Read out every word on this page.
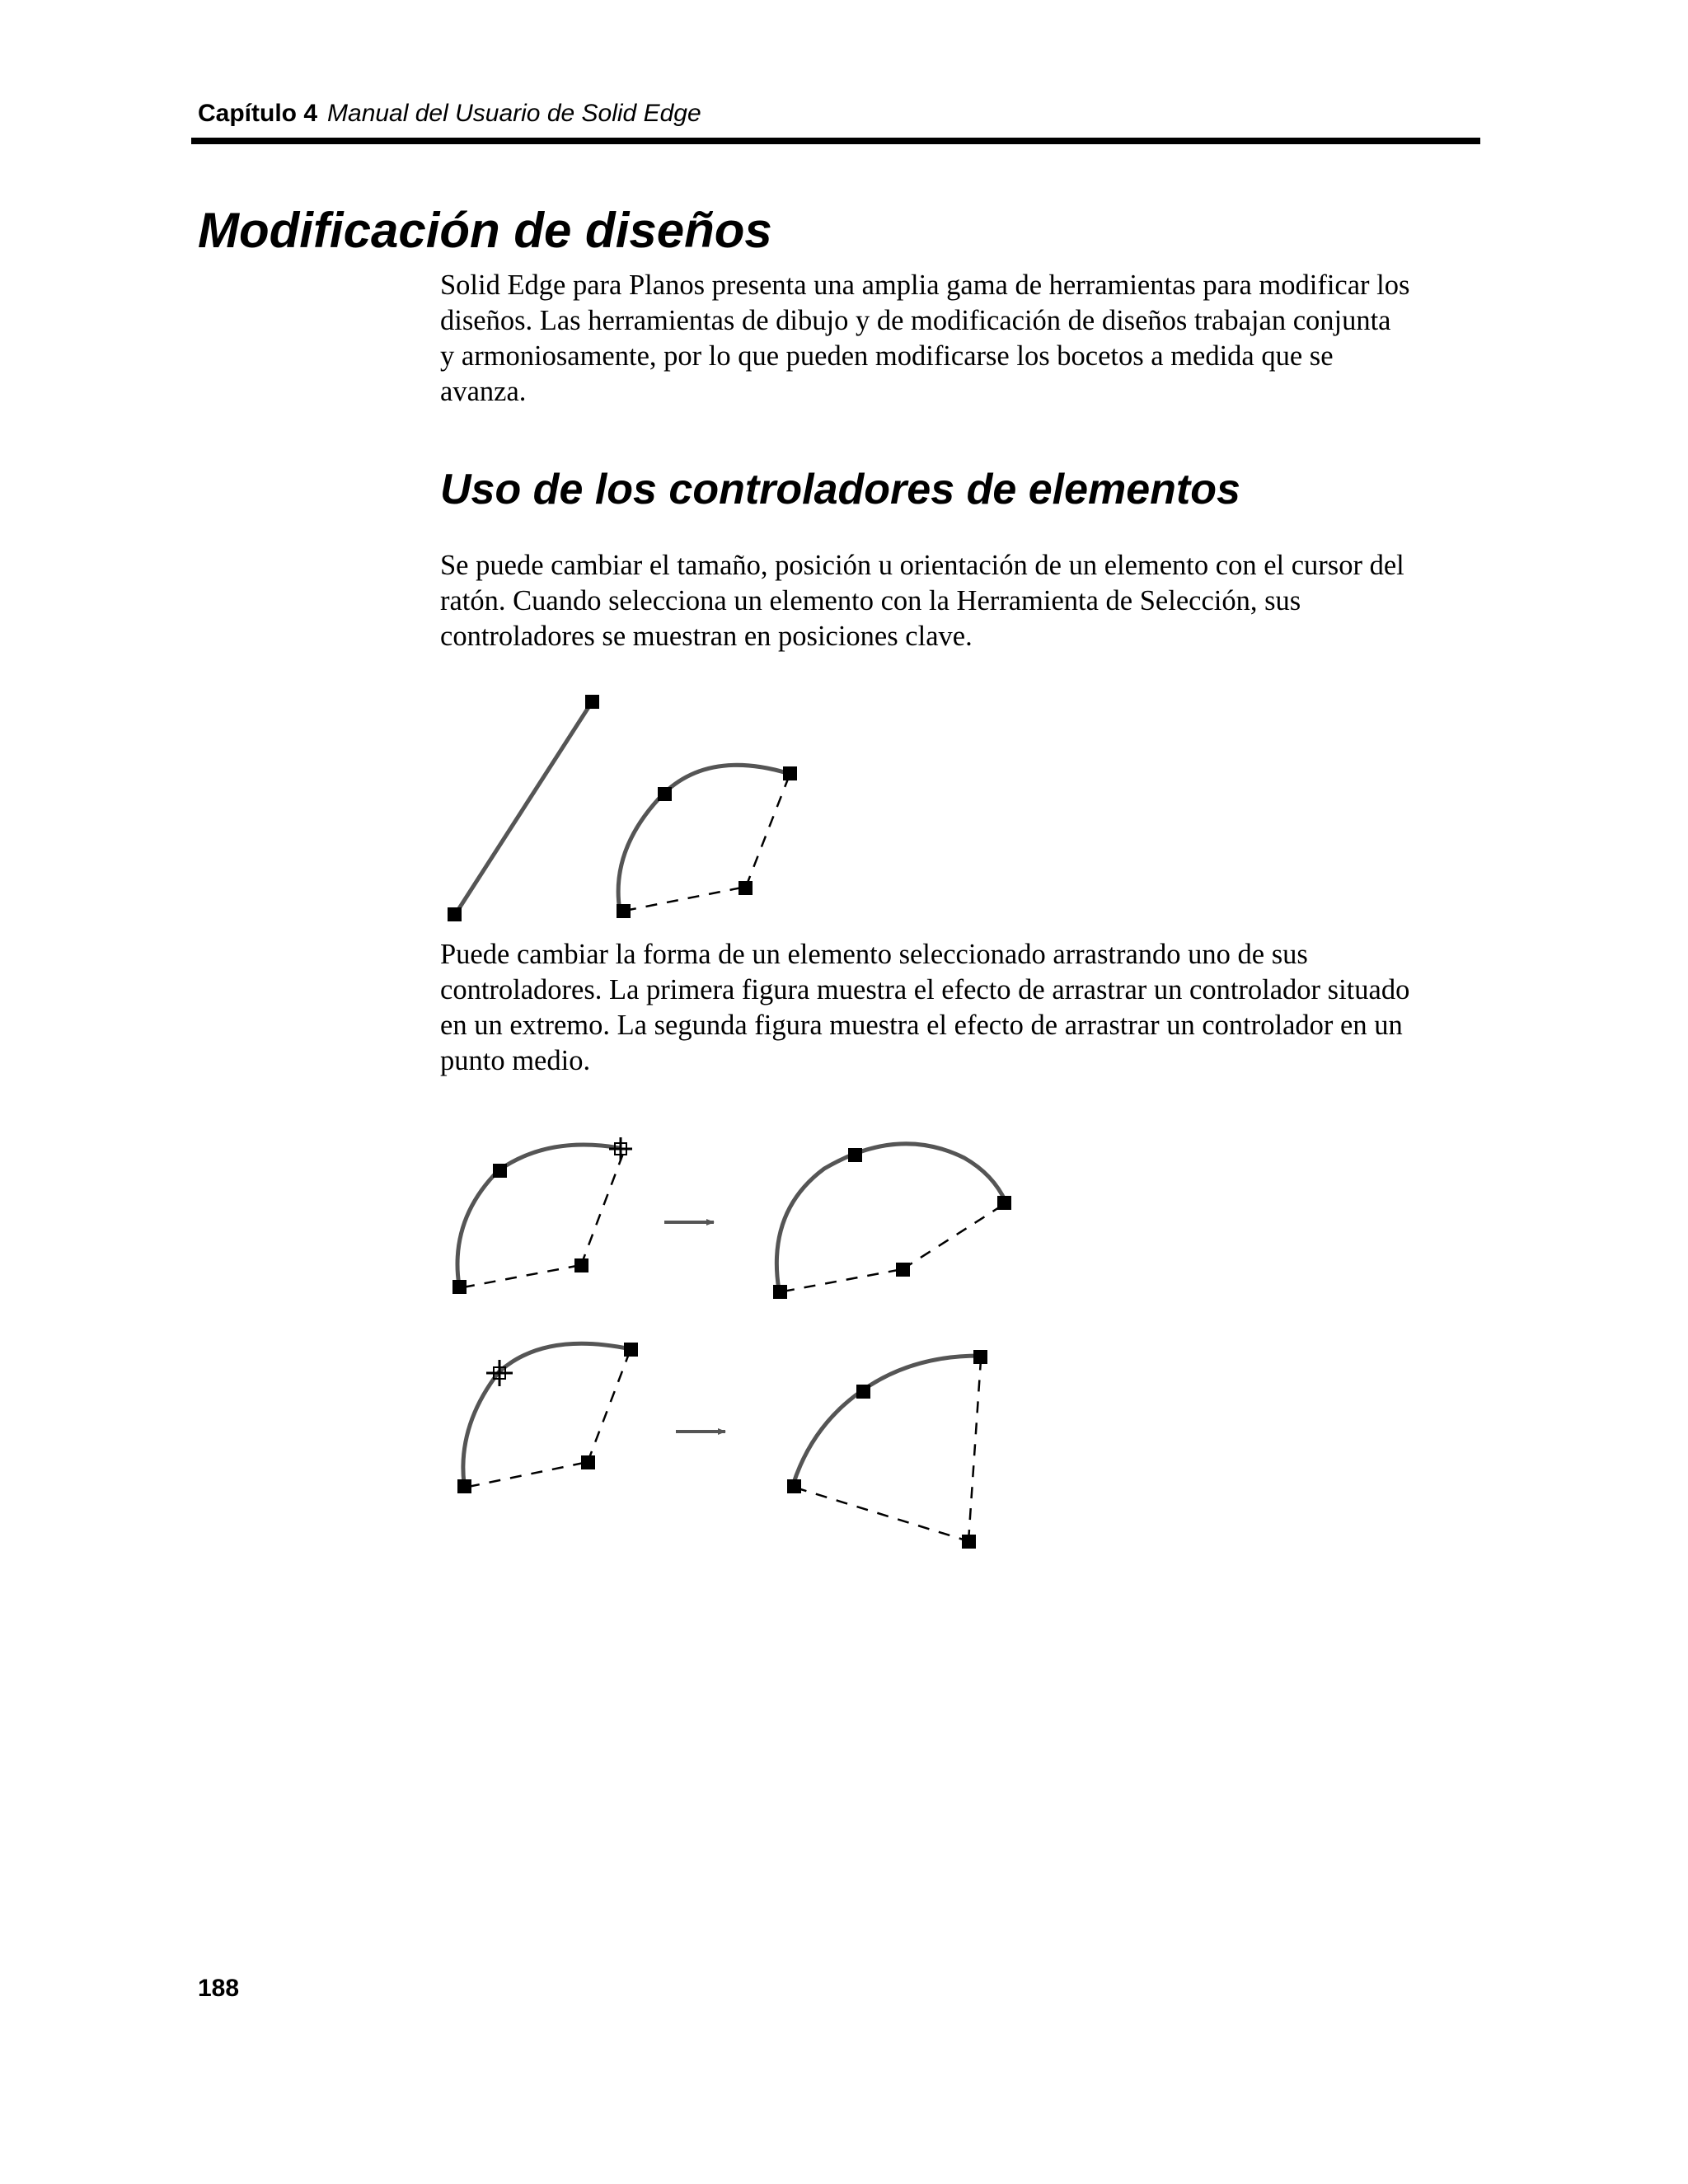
Capítulo 4 Manual del Usuario de Solid Edge
Modificación de diseños

Solid Edge para Planos presenta una amplia gama de herramientas para modificar los
diseños. Las herramientas de dibujo y de modificación de diseños trabajan conjunta
y armoniosamente, por lo que pueden modificarse los bocetos a medida que se
avanza.

Uso de los controladores de elementos

Se puede cambiar el tamaño, posición u orientación de un elemento con el cursor del
ratón. Cuando selecciona un elemento con la Herramienta de Selección, sus
controladores se muestran en posiciones clave.

Puede cambiar la forma de un elemento seleccionado arrastrando uno de sus
controladores. La primera figura muestra el efecto de arrastrar un controlador situado
en un extremo. La segunda figura muestra el efecto de arrastrar un controlador en un
punto medio.

188
